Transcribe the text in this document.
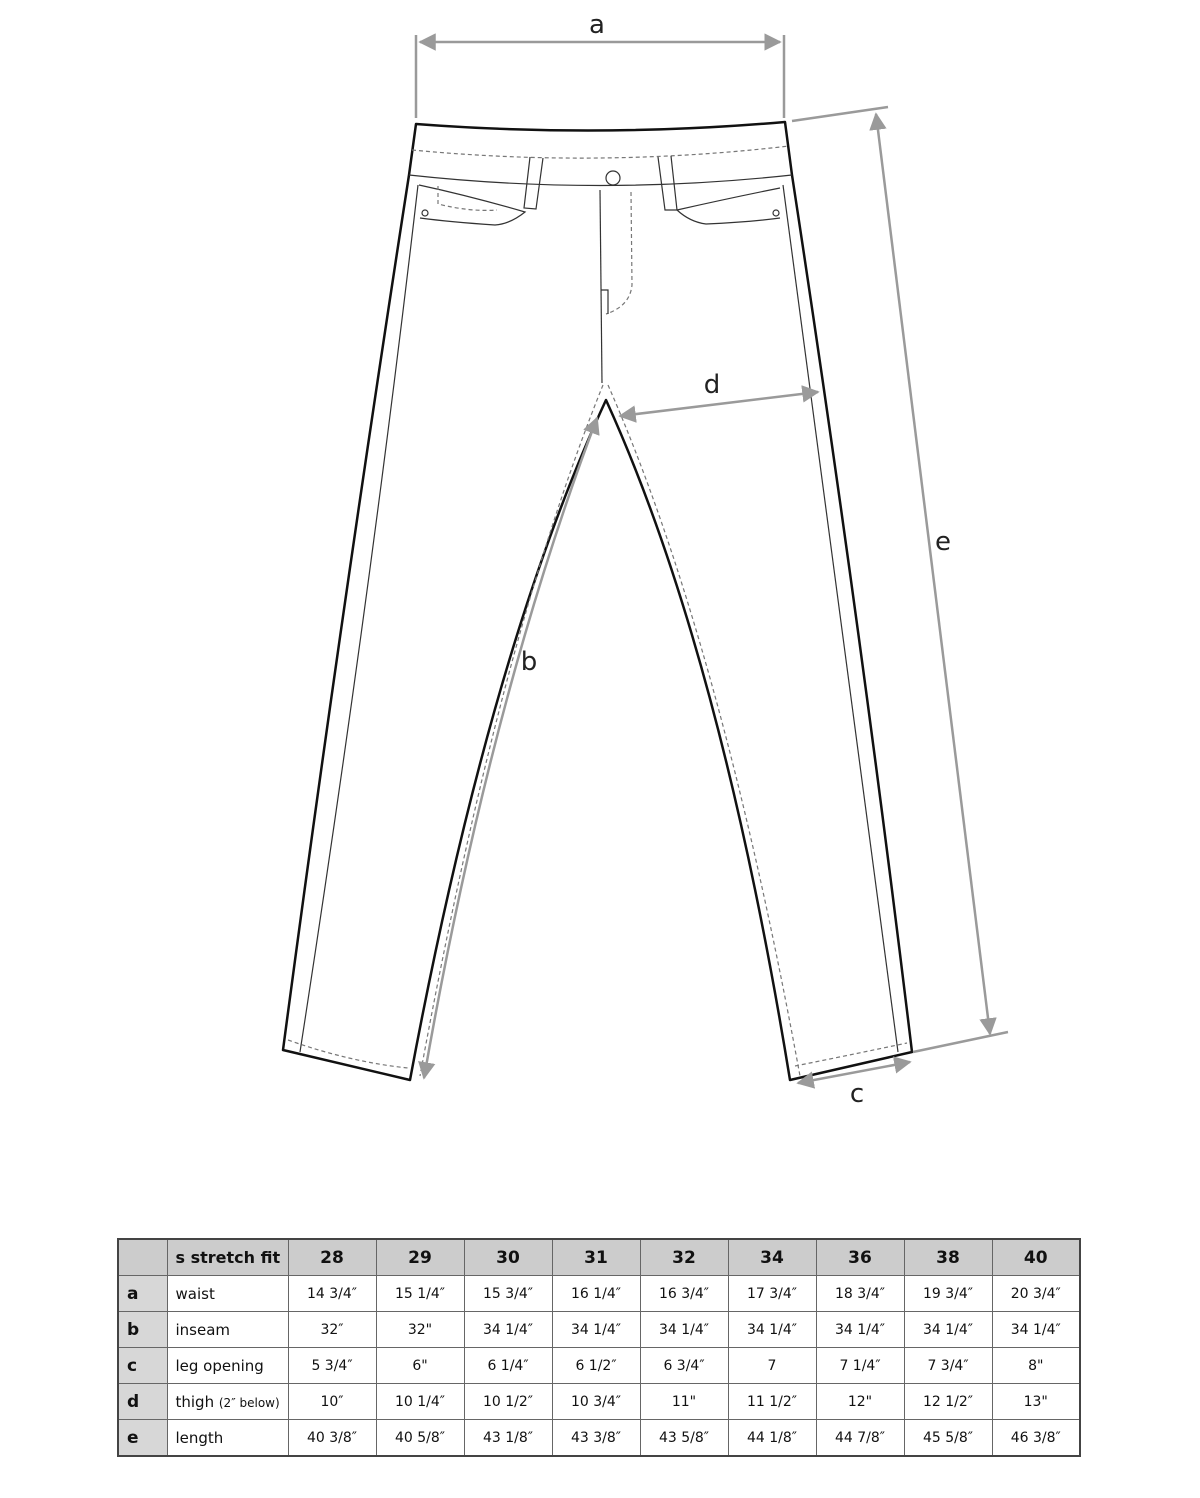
a
b
c
d
e
	s stretch fit	28	29	30	31	32	34	36	38	40
a	waist	14 3/4″	15 1/4″	15 3/4″	16 1/4″	16 3/4″	17 3/4″	18 3/4″	19 3/4″	20 3/4″
b	inseam	32″	32"	34 1/4″	34 1/4″	34 1/4″	34 1/4″	34 1/4″	34 1/4″	34 1/4″
c	leg opening	5 3/4″	6"	6 1/4″	6 1/2″	6 3/4″	7	7 1/4″	7 3/4″	8"
d	thigh (2″ below)	10″	10 1/4″	10 1/2″	10 3/4″	11"	11 1/2″	12"	12 1/2″	13"
e	length	40 3/8″	40 5/8″	43 1/8″	43 3/8″	43 5/8″	44 1/8″	44 7/8″	45 5/8″	46 3/8″
